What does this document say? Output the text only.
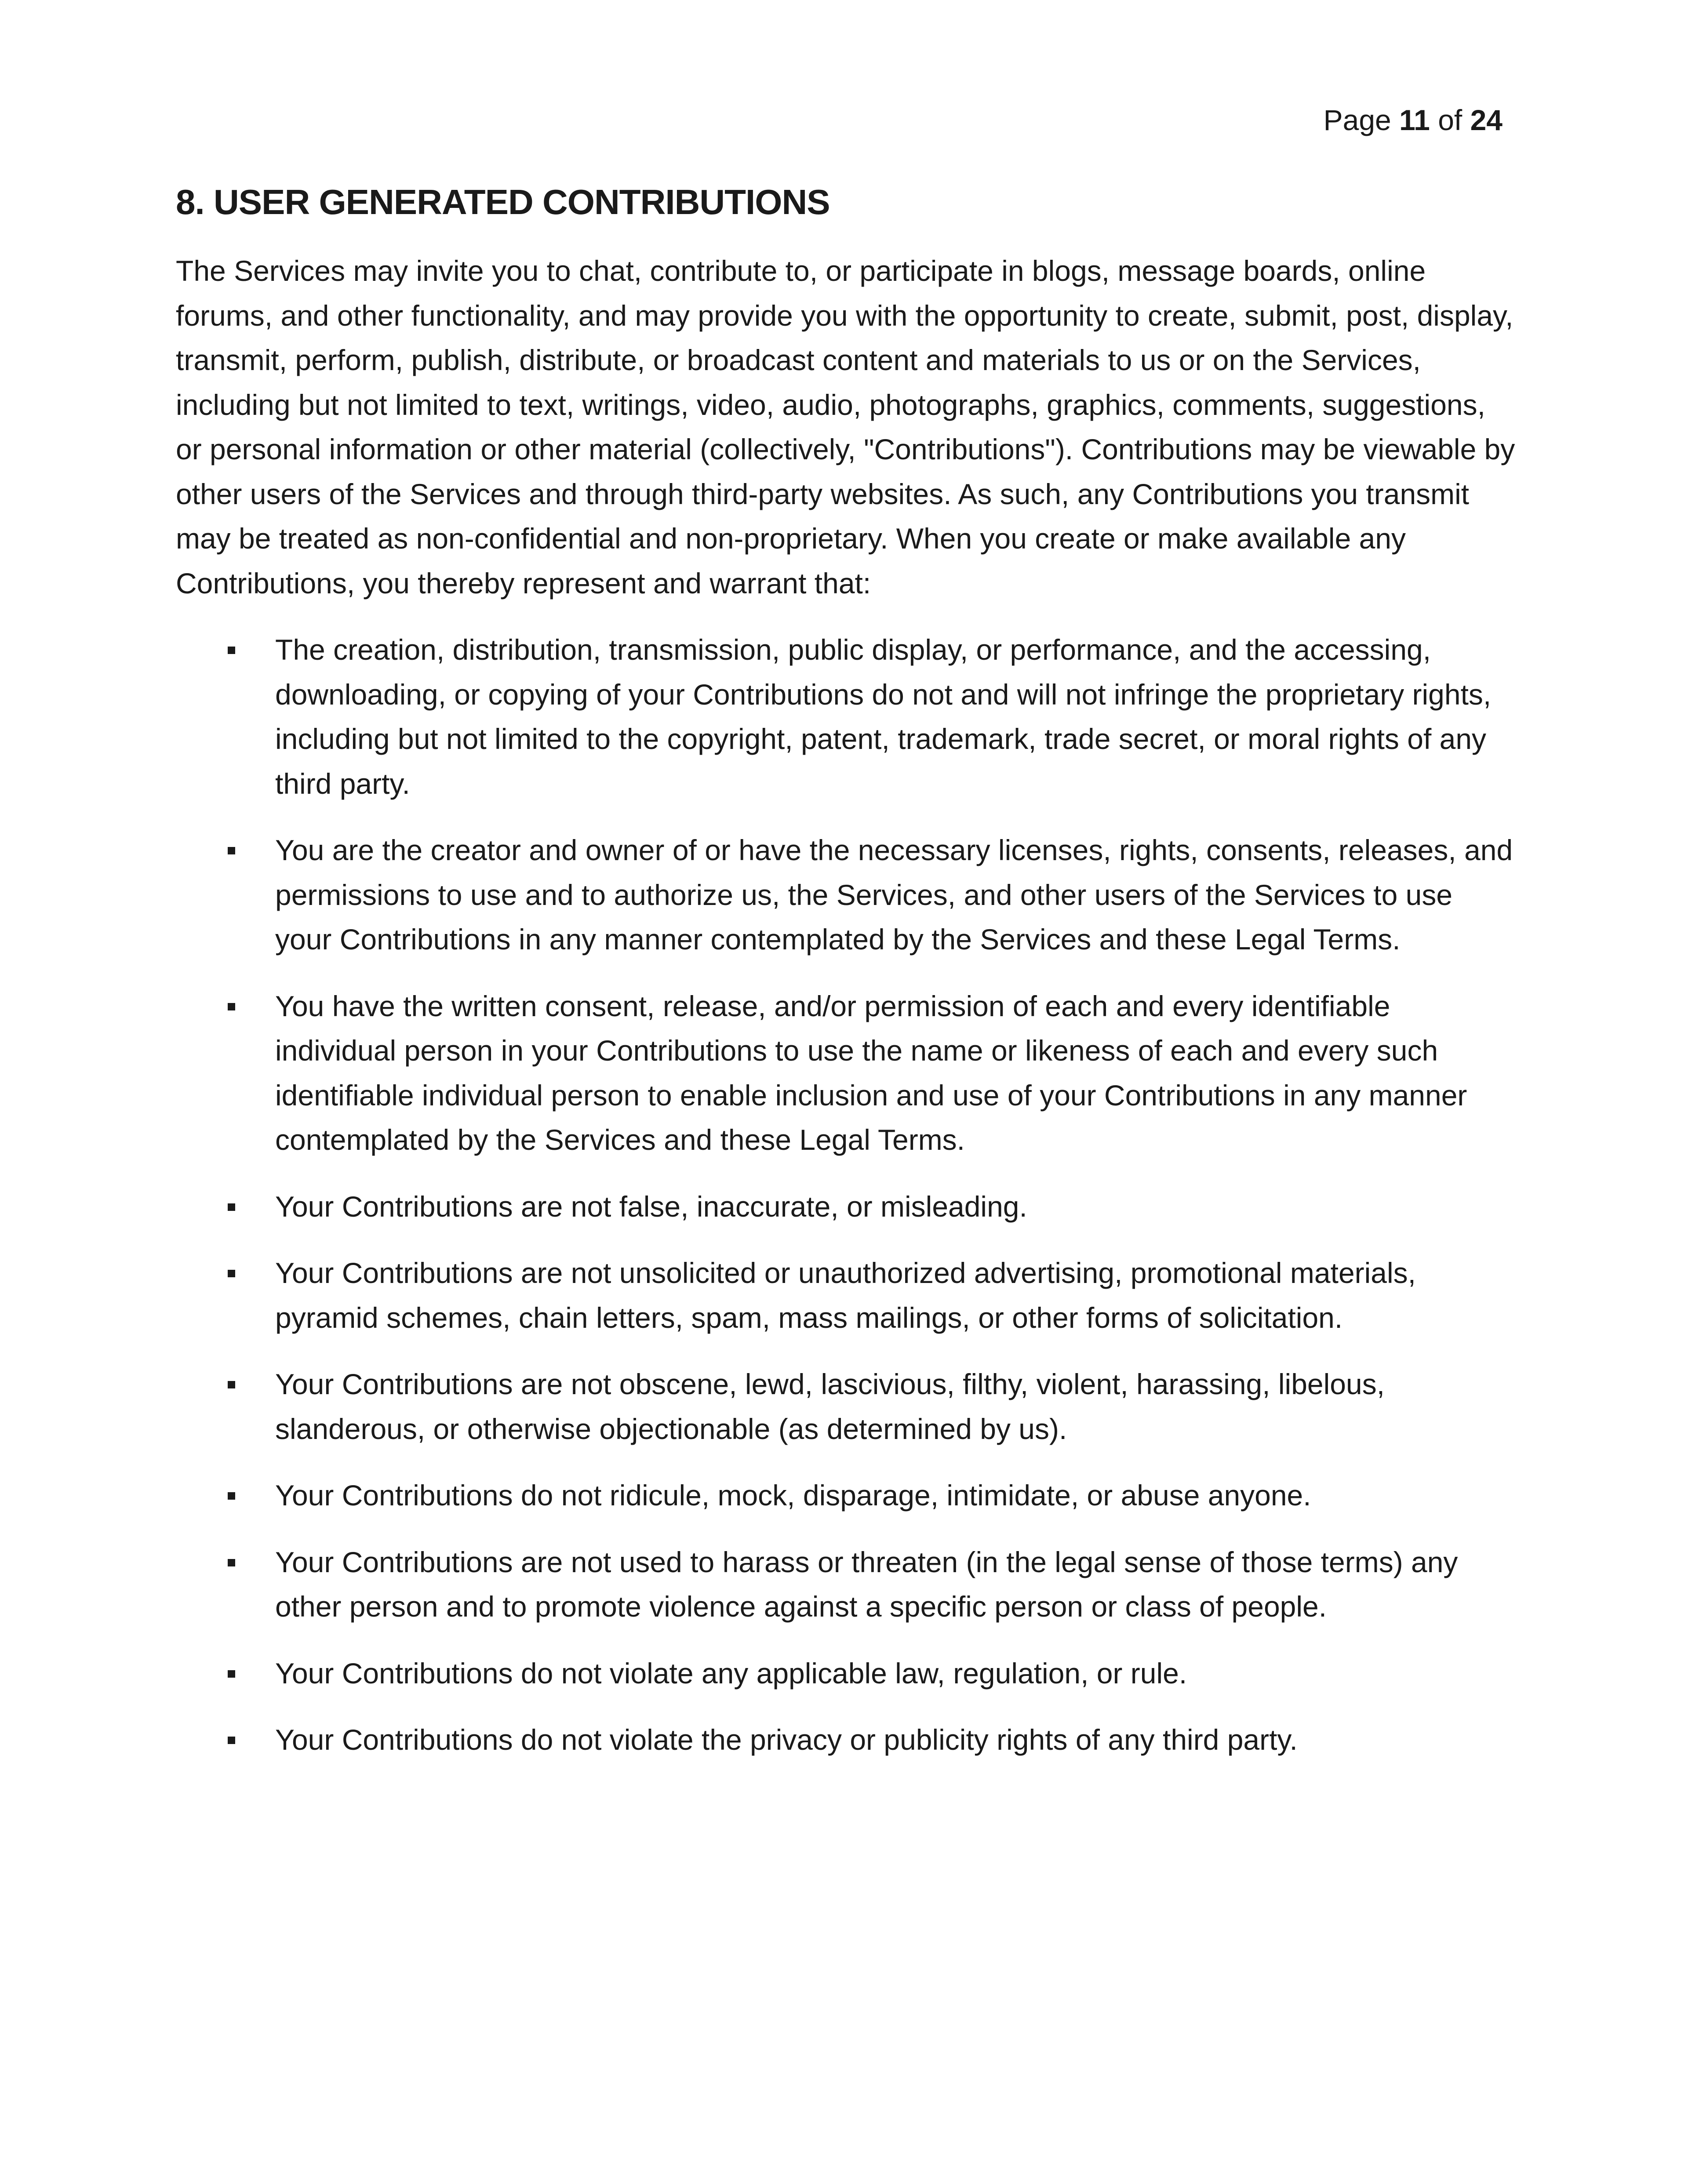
Page 11 of 24
8. USER GENERATED CONTRIBUTIONS

The Services may invite you to chat, contribute to, or participate in blogs, message boards, online forums, and other functionality, and may provide you with the opportunity to create, submit, post, display, transmit, perform, publish, distribute, or broadcast content and materials to us or on the Services, including but not limited to text, writings, video, audio, photographs, graphics, comments, suggestions, or personal information or other material (collectively, "Contributions"). Contributions may be viewable by other users of the Services and through third-party websites. As such, any Contributions you transmit may be treated as non-confidential and non-proprietary. When you create or make available any Contributions, you thereby represent and warrant that:

The creation, distribution, transmission, public display, or performance, and the accessing, downloading, or copying of your Contributions do not and will not infringe the proprietary rights, including but not limited to the copyright, patent, trademark, trade secret, or moral rights of any third party.
You are the creator and owner of or have the necessary licenses, rights, consents, releases, and permissions to use and to authorize us, the Services, and other users of the Services to use your Contributions in any manner contemplated by the Services and these Legal Terms.
You have the written consent, release, and/or permission of each and every identifiable individual person in your Contributions to use the name or likeness of each and every such identifiable individual person to enable inclusion and use of your Contributions in any manner contemplated by the Services and these Legal Terms.
Your Contributions are not false, inaccurate, or misleading.
Your Contributions are not unsolicited or unauthorized advertising, promotional materials, pyramid schemes, chain letters, spam, mass mailings, or other forms of solicitation.
Your Contributions are not obscene, lewd, lascivious, filthy, violent, harassing, libelous, slanderous, or otherwise objectionable (as determined by us).
Your Contributions do not ridicule, mock, disparage, intimidate, or abuse anyone.
Your Contributions are not used to harass or threaten (in the legal sense of those terms) any other person and to promote violence against a specific person or class of people.
Your Contributions do not violate any applicable law, regulation, or rule.
Your Contributions do not violate the privacy or publicity rights of any third party.
